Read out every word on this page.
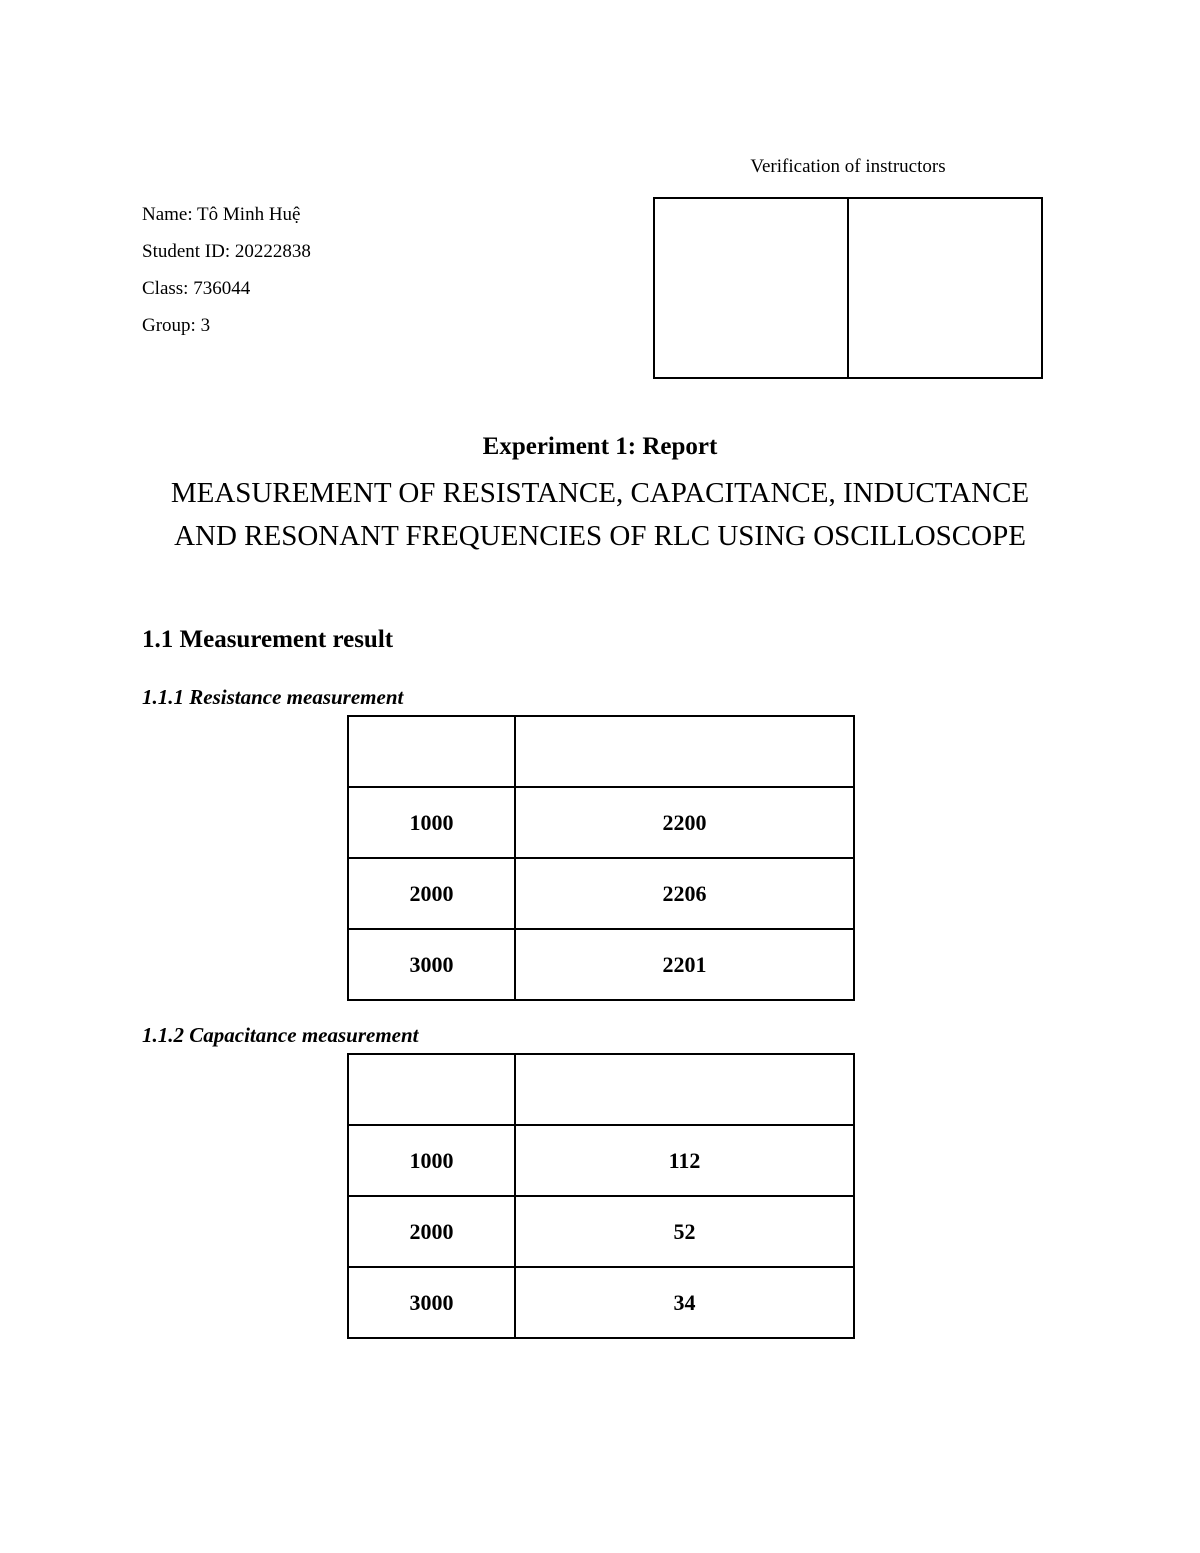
Verification of instructors
Name: Tô Minh Huệ
Student ID: 20222838
Class: 736044
Group: 3
Experiment 1: Report
MEASUREMENT OF RESISTANCE, CAPACITANCE, INDUCTANCE AND RESONANT FREQUENCIES OF RLC USING OSCILLOSCOPE
1.1 Measurement result
1.1.1 Resistance measurement

1000	2200
2000	2206
3000	2201
1.1.2 Capacitance measurement

1000	112
2000	52
3000	34
